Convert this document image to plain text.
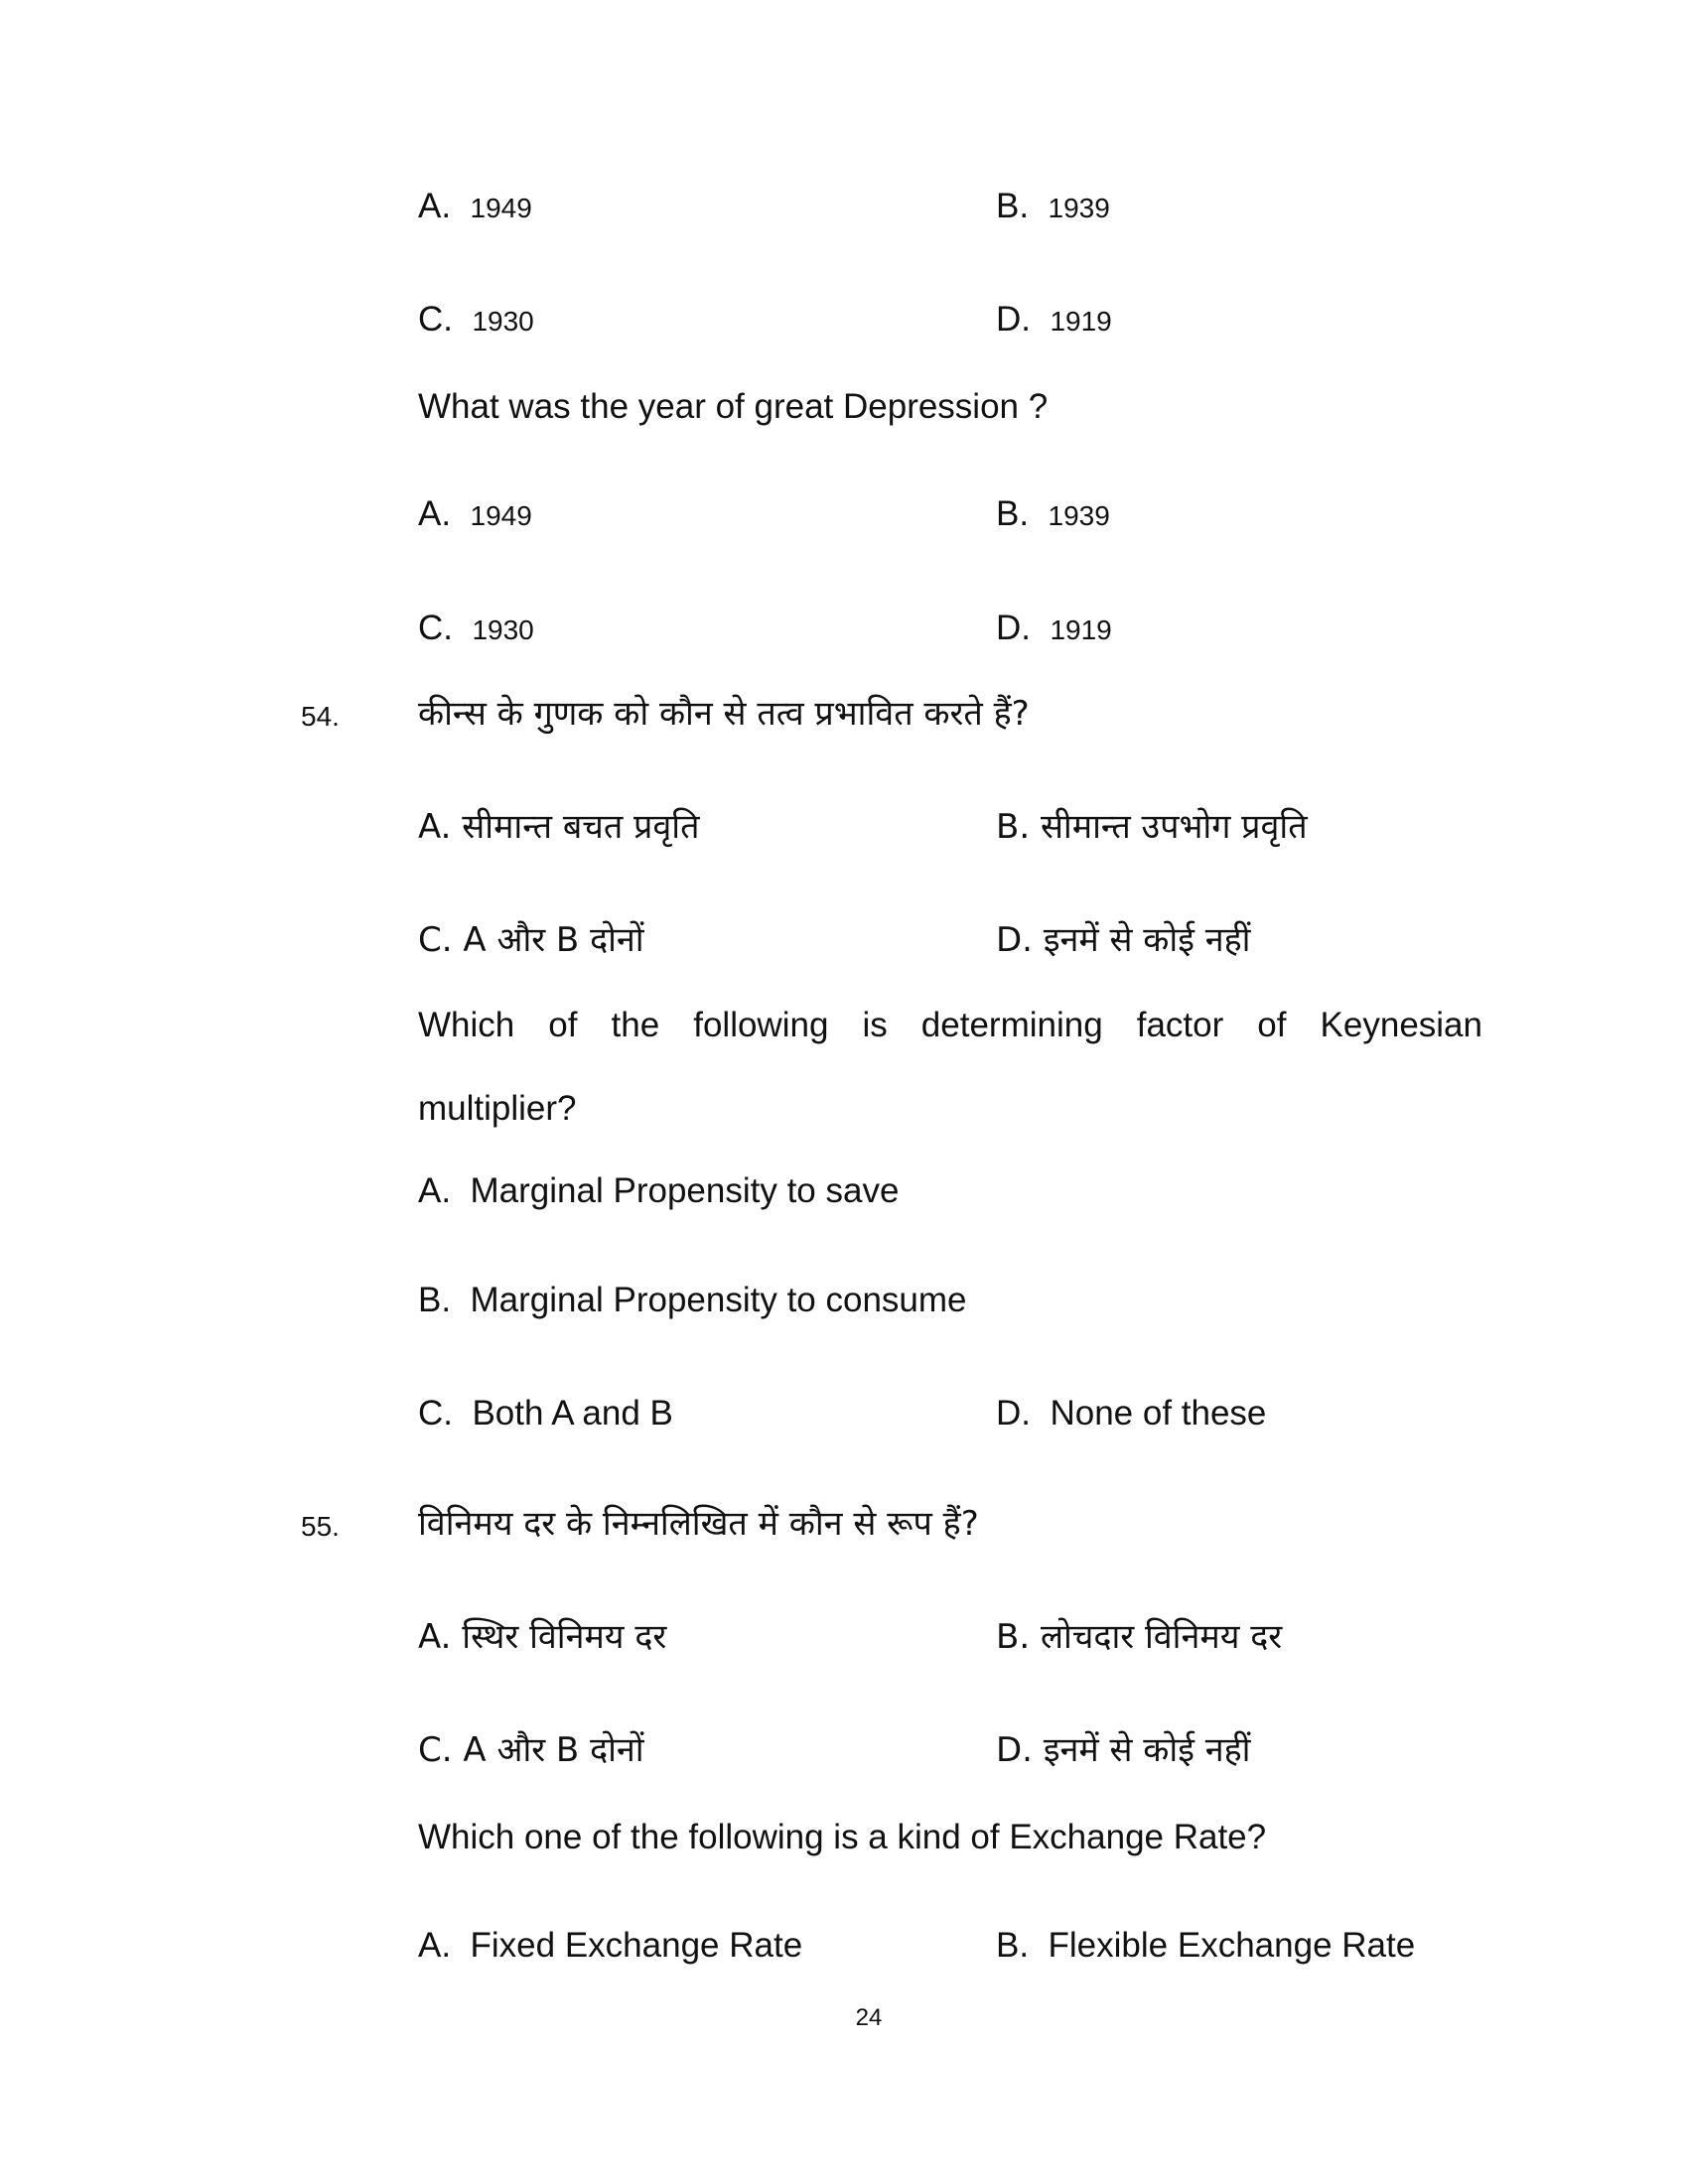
A. 1949	B. 1939
C. 1930	D. 1919
What was the year of great Depression ?
A. 1949	B. 1939
C. 1930	D. 1919
54. कीन्स के गुणक को कौन से तत्व प्रभावित करते हैं?
A. सीमान्त बचत प्रवृति	B. सीमान्त उपभोग प्रवृति
C. A और B दोनों	D. इनमें से कोई नहीं
Which of the following is determining factor of Keynesian
multiplier?
A. Marginal Propensity to save
B. Marginal Propensity to consume
C. Both A and B	D. None of these
55. विनिमय दर के निम्नलिखित में कौन से रूप हैं?
A. स्थिर विनिमय दर	B. लोचदार विनिमय दर
C. A और B दोनों	D. इनमें से कोई नहीं
Which one of the following is a kind of Exchange Rate?
A. Fixed Exchange Rate	B. Flexible Exchange Rate
24
